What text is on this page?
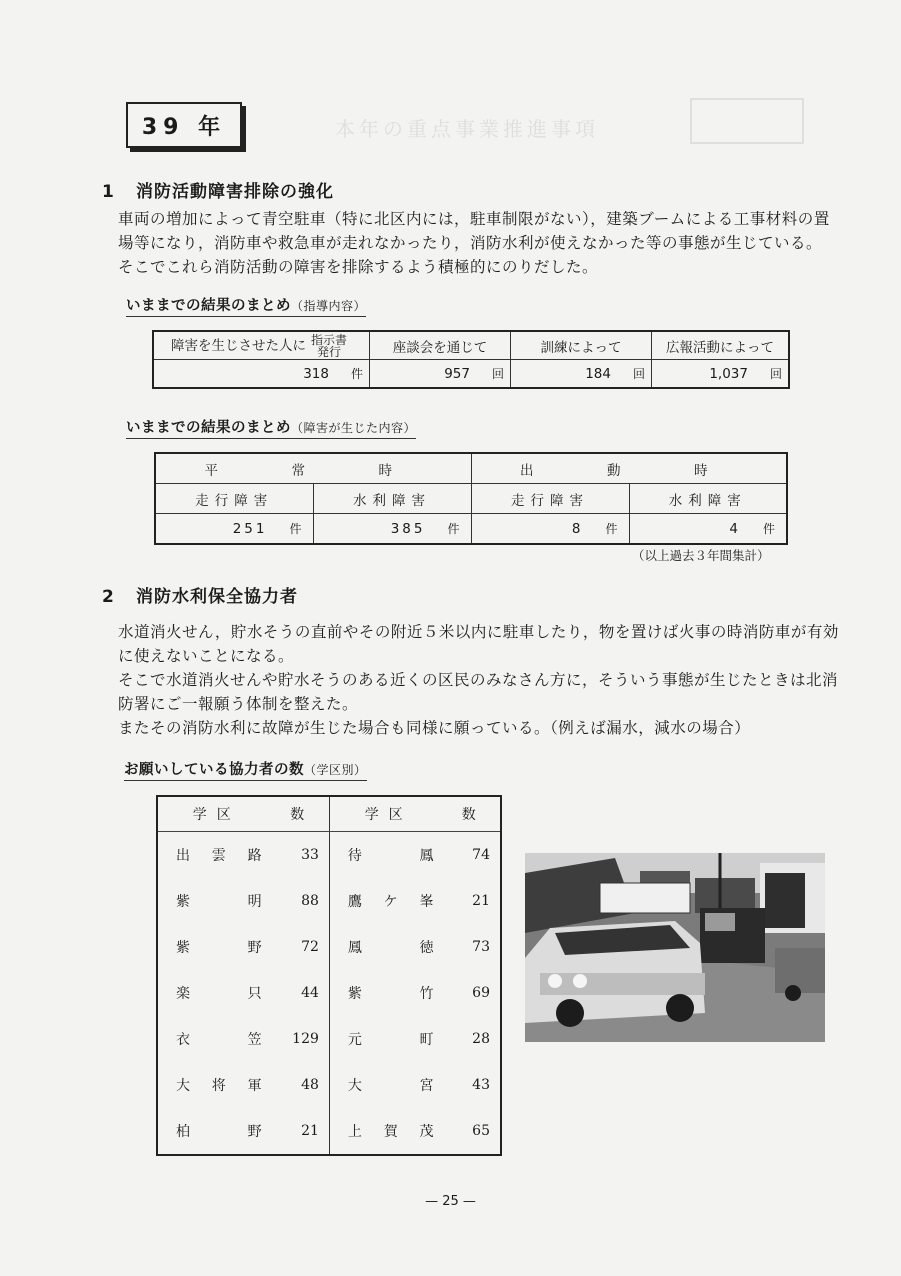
本年の重点事業推進事項
39 年
1 消防活動障害排除の強化
車両の増加によって青空駐車（特に北区内には，駐車制限がない），建築ブームによる工事材料の置
場等になり，消防車や救急車が走れなかったり，消防水利が使えなかった等の事態が生じている。
そこでこれら消防活動の障害を排除するよう積極的にのりだした。
いままでの結果のまとめ（指導内容）
障害を生じさせた人に 指示書発行	座談会を通じて	訓練によって	広報活動によって
318 件	957 回	184 回	1,037 回
いままでの結果のまとめ（障害が生じた内容）
平　常　時		出　動　時	
走行障害	水利障害	走行障害	水利障害
251 件	385 件	8 件	4 件
（以上過去３年間集計）
2 消防水利保全協力者
水道消火せん，貯水そうの直前やその附近５米以内に駐車したり，物を置けば火事の時消防車が有効
に使えないことになる。
そこで水道消火せんや貯水そうのある近くの区民のみなさん方に，そういう事態が生じたときは北消
防署にご一報願う体制を整えた。
またその消防水利に故障が生じた場合も同様に願っている。（例えば漏水，減水の場合）
お願いしている協力者の数（学区別）
学区	数	学区	数
出雲路	33	待鳳	74
紫明	88	鷹ケ峯	21
紫野	72	鳳徳	73
楽只	44	紫竹	69
衣笠	129	元町	28
大将軍	48	大宮	43
柏野	21	上賀茂	65
— 25 —
